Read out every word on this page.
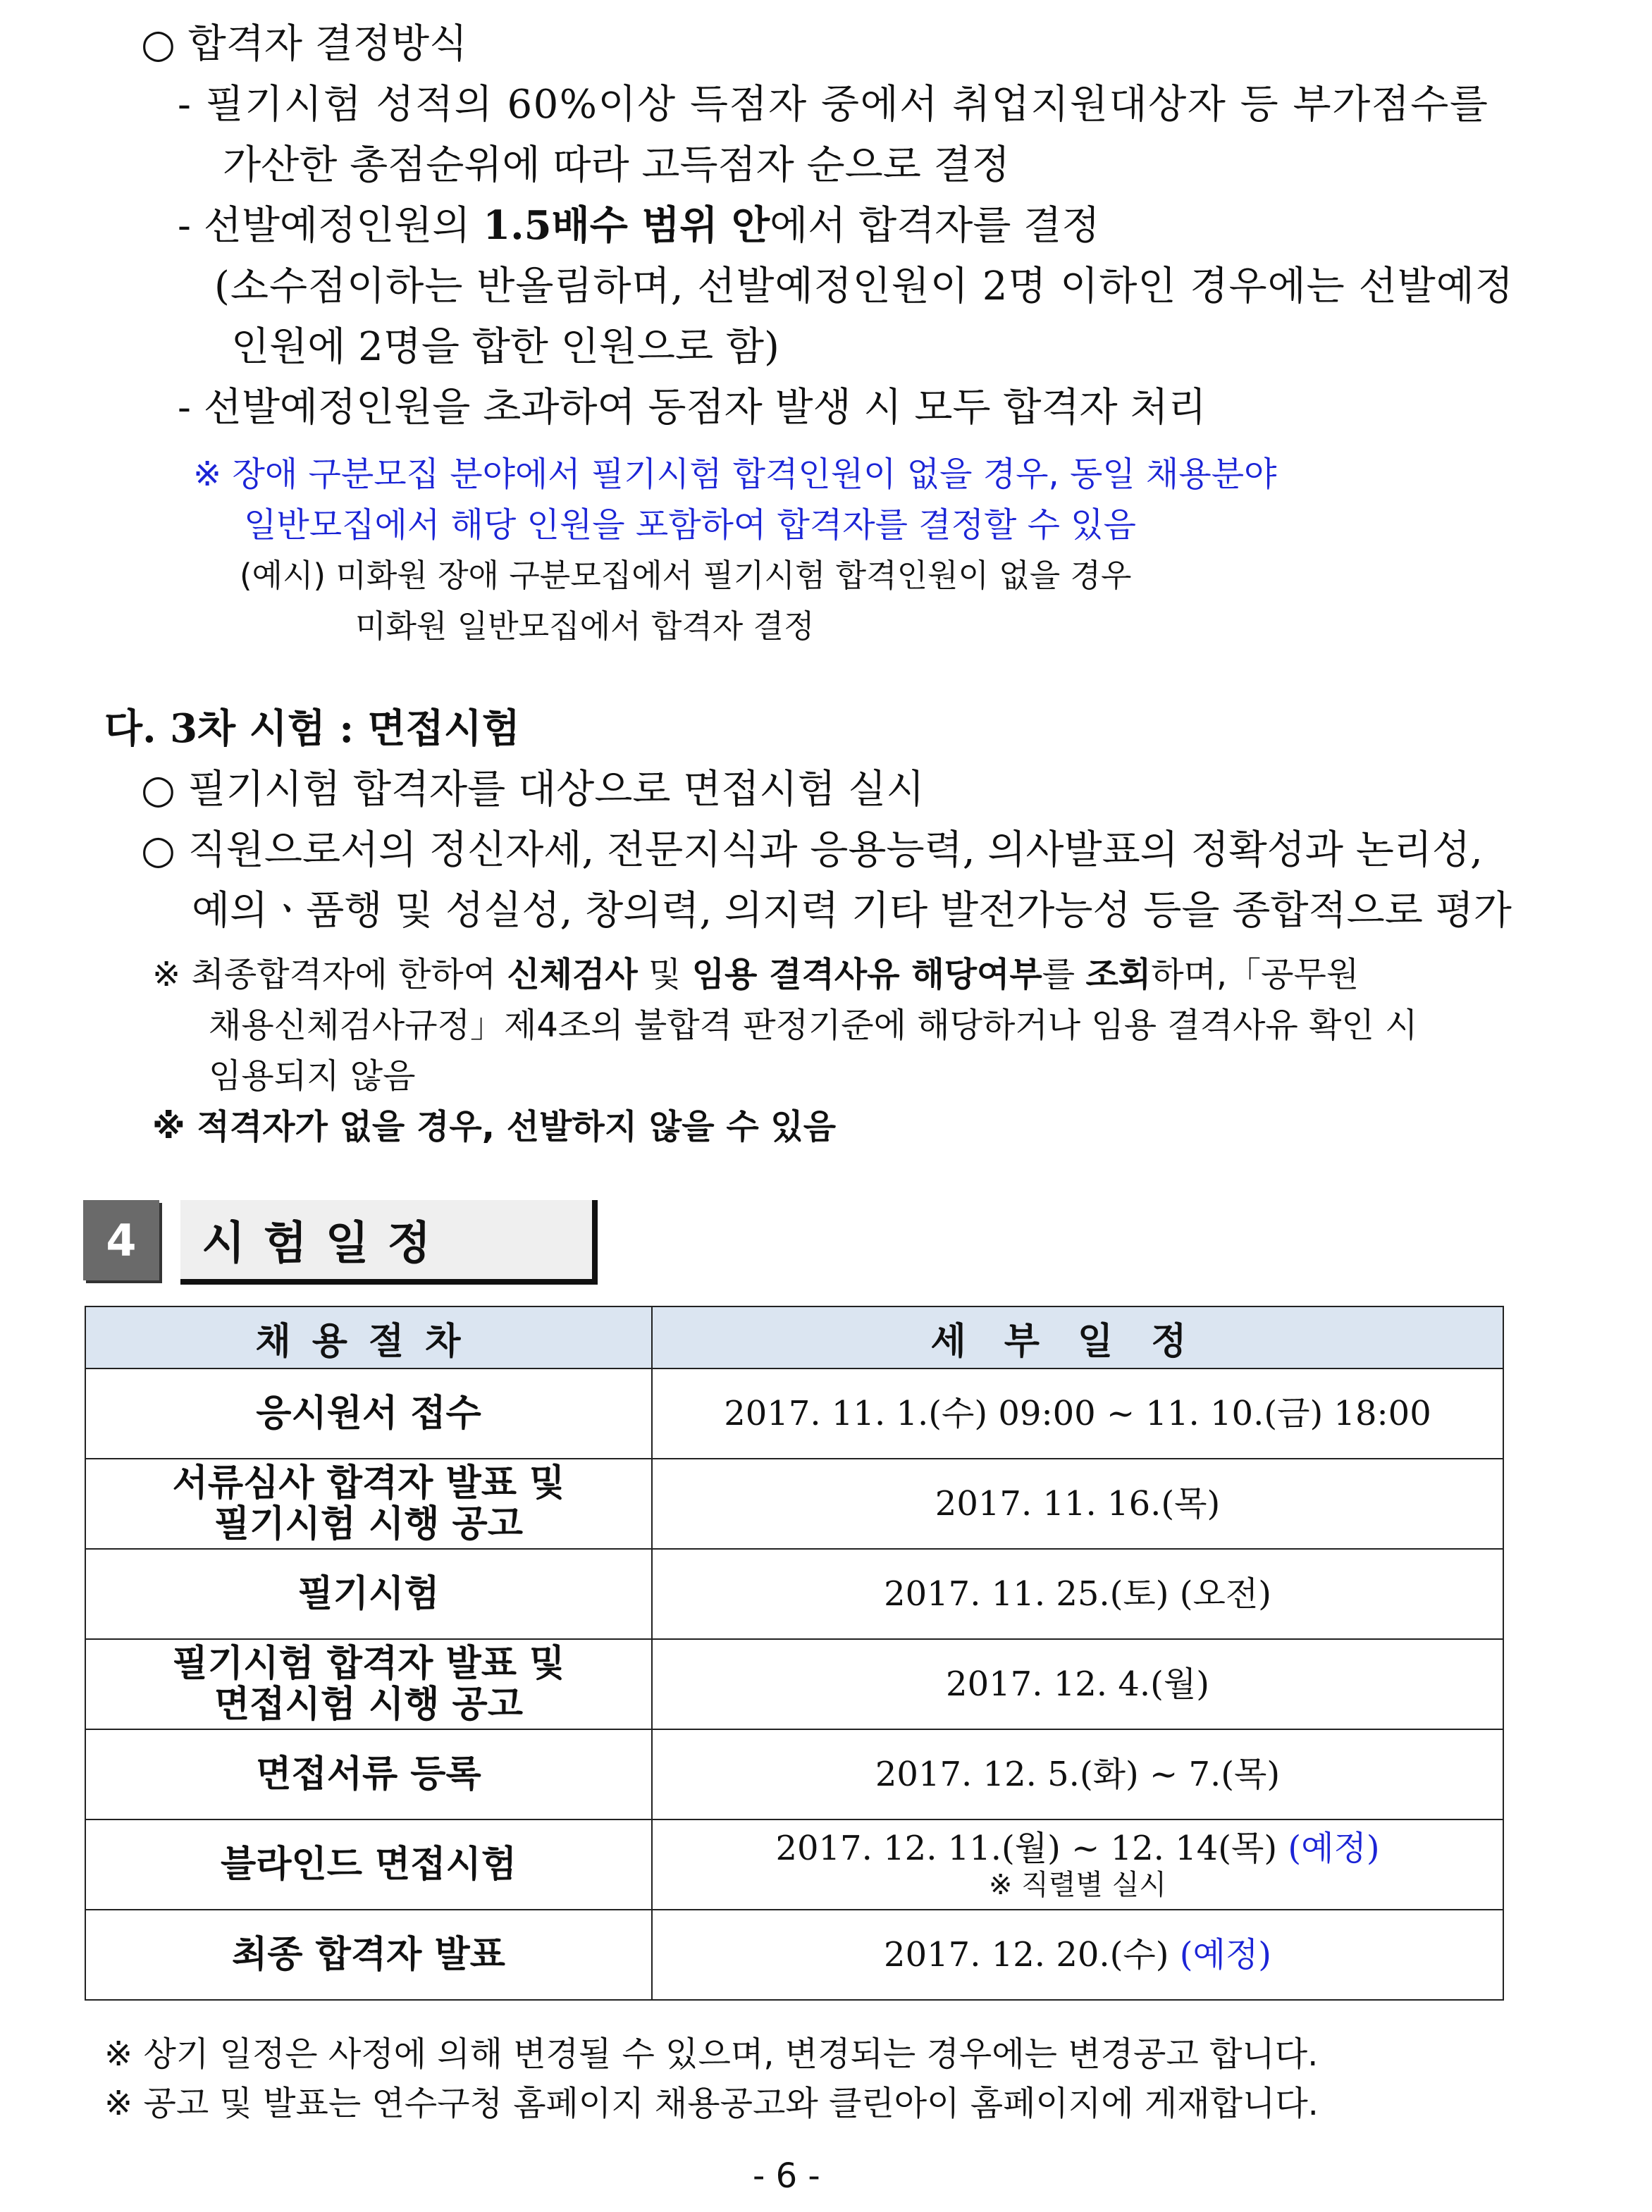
○ 합격자 결정방식
- 필기시험 성적의 60%이상 득점자 중에서 취업지원대상자 등 부가점수를
가산한 총점순위에 따라 고득점자 순으로 결정
- 선발예정인원의 1.5배수 범위 안에서 합격자를 결정
(소수점이하는 반올림하며, 선발예정인원이 2명 이하인 경우에는 선발예정
인원에 2명을 합한 인원으로 함)
- 선발예정인원을 초과하여 동점자 발생 시 모두 합격자 처리
※ 장애 구분모집 분야에서 필기시험 합격인원이 없을 경우, 동일 채용분야
일반모집에서 해당 인원을 포함하여 합격자를 결정할 수 있음
(예시) 미화원 장애 구분모집에서 필기시험 합격인원이 없을 경우
미화원 일반모집에서 합격자 결정
다. 3차 시험 : 면접시험
○ 필기시험 합격자를 대상으로 면접시험 실시
○ 직원으로서의 정신자세, 전문지식과 응용능력, 의사발표의 정확성과 논리성,
예의ㆍ품행 및 성실성, 창의력, 의지력 기타 발전가능성 등을 종합적으로 평가
※ 최종합격자에 한하여 신체검사 및 임용 결격사유 해당여부를 조회하며,「공무원
채용신체검사규정」제4조의 불합격 판정기준에 해당하거나 임용 결격사유 확인 시
임용되지 않음
※ 적격자가 없을 경우, 선발하지 않을 수 있음
4	시험일정
채용절차	세부일정
응시원서 접수	2017. 11. 1.(수) 09:00 ~ 11. 10.(금) 18:00
서류심사 합격자 발표 및
필기시험 시행 공고	2017. 11. 16.(목)
필기시험	2017. 11. 25.(토) (오전)
필기시험 합격자 발표 및
면접시험 시행 공고	2017. 12. 4.(월)
면접서류 등록	2017. 12. 5.(화) ~ 7.(목)
블라인드 면접시험	2017. 12. 11.(월) ~ 12. 14(목) (예정)
※ 직렬별 실시

최종 합격자 발표	2017. 12. 20.(수) (예정)
※ 상기 일정은 사정에 의해 변경될 수 있으며, 변경되는 경우에는 변경공고 합니다.
※ 공고 및 발표는 연수구청 홈페이지 채용공고와 클린아이 홈페이지에 게재합니다.
- 6 -
